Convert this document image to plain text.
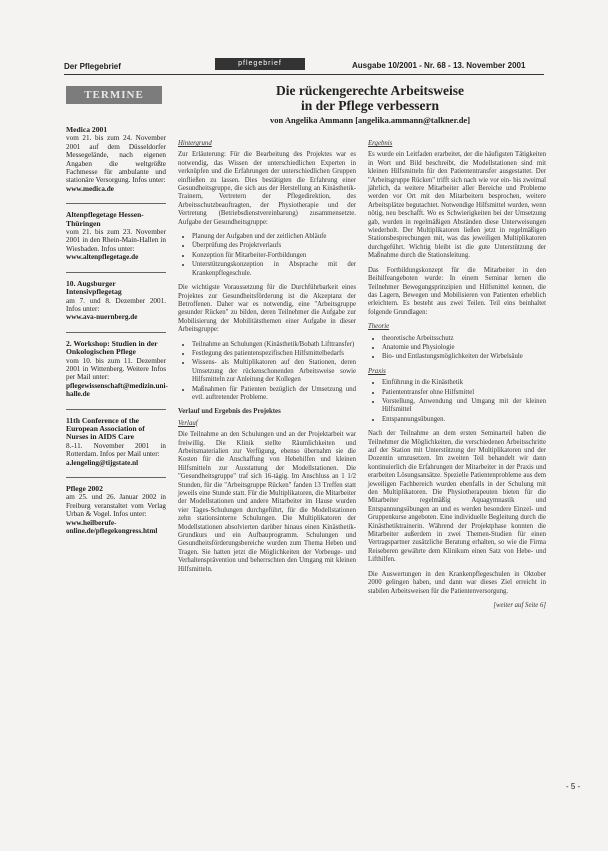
Der Pflegebrief	pflegebrief	Ausgabe 10/2001 - Nr. 68 - 13. November 2001
TERMINE
Medica 2001
vom 21. bis zum 24. November 2001 auf dem Düsseldorfer Messegelände, nach eigenen Angaben die weltgrößte Fachmesse für ambulante und stationäre Versorgung. Infos unter:
www.medica.de
Altenpflegetage Hessen-Thüringen
vom 21. bis zum 23. November 2001 in den Rhein-Main-Hallen in Wiesbaden. Infos unter:
www.altenpflegetage.de
10. Augsburger Intensivpflegetag
am 7. und 8. Dezember 2001. Infos unter:
www.ava-nuernberg.de
2. Workshop: Studien in der Onkologischen Pflege
vom 10. bis zum 11. Dezember 2001 in Wittenberg. Weitere Infos per Mail unter:
pflegewissenschaft@medizin.uni-halle.de
11th Conference of the European Association of Nurses in AIDS Care
8.-11. November 2001 in Rotterdam. Infos per Mail unter:
a.lengeling@tijgstate.nl
Pflege 2002
am 25. und 26. Januar 2002 in Freiburg veranstaltet vom Verlag Urban & Vogel. Infos unter:
www.heilberufe-online.de/pflegekongress.html
Die rückengerechte Arbeitsweise
in der Pflege verbessern
von Angelika Ammann [angelika.ammann@talkner.de]
Hintergrund
Zur Erläuterung: Für die Bearbeitung des Projektes war es notwendig, das Wissen der unterschiedlichen Experten in verknüpfen und die Erfahrungen der unterschiedlichen Gruppen einfließen zu lassen. Dies bestätigten die Erfahrung einer Gesundheitsgruppe, die sich aus der Herstellung an Kinästhetik-Trainern, Vertretern der Pflegedirektion, des Arbeitsschutzbeauftragten, der Physiotherapie und der Vertretung (Betriebsdienstvereinbarung) zusammensetzte. Aufgabe der Gesundheitsgruppe:
• Planung der Aufgaben und der zeitlichen Abläufe
• Überprüfung des Projektverlaufs
• Konzeption für Mitarbeiter-Fortbildungen
• Unterstützungskonzeption in Absprache mit der Krankenpflegeschule.
Die wichtigste Voraussetzung für die Durchführbarkeit eines Projektes zur Gesundheitsförderung ist die Akzeptanz der Betroffenen. Daher war es notwendig, eine "Arbeitsgruppe gesunder Rücken" zu bilden, deren Teilnehmer die Aufgabe zur Mobilisierung der Mobilitätsthemen einer Aufgabe in dieser Arbeitsgruppe:
• Teilnahme an Schulungen (Kinästhetik/Bobath Lifttransfer)
• Festlegung des patientenspezifischen Hilfsmittelbedarfs
• Wissens- als Multiplikatoren auf den Stationen, deren Umsetzung der rückenschonenden Arbeitsweise sowie Hilfsmitteln zur Anleitung der Kollegen
• Maßnahmen für Patienten bezüglich der Umsetzung und evtl. auftretender Probleme.
Verlauf und Ergebnis des Projektes
Verlauf
Die Teilnahme an den Schulungen und an der Projektarbeit war freiwillig. Die Klinik stellte Räumlichkeiten und Arbeitsmaterialien zur Verfügung, ebenso übernahm sie die Kosten für die Anschaffung von Hebehilfen und kleinen Hilfsmitteln zur Ausstattung der Modellstationen. Die "Gesundheitsgruppe" traf sich 16-tägig. Im Anschluss an 1 1/2 Stunden, für die "Arbeitsgruppe Rücken" fanden 13 Treffen statt jeweils eine Stunde statt. Für die Multiplikatoren, die Mitarbeiter der Modellstationen und andere Mitarbeiter im Hause wurden vier Tages-Schulungen durchgeführt, für die Modellstationen zehn stationsinterne Schulungen. Die Multiplikatoren der Modellstationen absolvierten darüber hinaus einen Kinästhetik-Grundkurs und ein Aufbauprogramm. Schulungen und Gesundheitsförderungsbereiche wurden zum Thema Heben und Tragen. Sie hatten jetzt die Möglichkeiten der Vorbeuge- und Verhaltensprävention und beherrschten den Umgang mit kleinen Hilfsmitteln.
Ergebnis
Es wurde ein Leitfaden erarbeitet, der die häufigsten Tätigkeiten in Wort und Bild beschreibt, die Modellstationen sind mit kleinen Hilfsmitteln für den Patiententransfer ausgestattet. Der "Arbeitsgruppe Rücken" trifft sich nach wie vor ein- bis zweimal jährlich, da weitere Mitarbeiter aller Bereiche und Probleme werden vor Ort mit den Mitarbeitern besprochen, weitere Arbeitsplätze begutachtet. Notwendige Hilfsmittel wurden, wenn nötig, neu beschafft. Wo es Schwierigkeiten bei der Umsetzung gab, wurden in regelmäßigen Abständen diese Unterweisungen wiederholt. Der Multiplikatoren ließen jetzt in regelmäßigen Stationsbesprechungen mit, was das jeweiligen Multiplikatoren durchgeführt. Wichtig bleibt ist die gute Unterstützung der Maßnahme durch die Stationsleitung.
Das Fortbildungskonzept für die Mitarbeiter in den Beihilfeangeboten wurde: In einem Seminar lernen die Teilnehmer Bewegungsprinzipien und Hilfsmittel kennen, die das Lagern, Bewegen und Mobilisieren von Patienten erheblich erleichtern. Es besteht aus zwei Teilen. Teil eins beinhaltet folgende Grundlagen:
Theorie
• theoretische Arbeitsschutz
• Anatomie und Physiologie
• Bio- und Entlastungsmöglichkeiten der Wirbelsäule
Praxis
• Einführung in die Kinästhetik
• Patiententransfer ohne Hilfsmittel
• Vorstellung, Anwendung und Umgang mit der kleinen Hilfsmittel
• Entspannungsübungen.
Nach der Teilnahme an dem ersten Seminarteil haben die Teilnehmer die Möglichkeiten, die verschiedenen Arbeitsschritte auf der Station mit Unterstützung der Multiplikatoren und der Dozentin umzusetzen. Im zweiten Teil behandelt wir dann kontinuierlich die Erfahrungen der Mitarbeiter in der Praxis und erarbeiten Lösungsansätze. Spezielle Patientenprobleme aus dem jeweiligen Fachbereich wurden ebenfalls in der Schulung mit den Multiplikatoren. Die Physiotherapeuten bieten für die Mitarbeiter regelmäßig Aquagymnastik und Entspannungsübungen an und es werden besondere Einzel- und Gruppenkurse angeboten. Eine individuelle Begleitung durch die Kinästhetiktrainerin. Während der Projektphase konnten die Mitarbeiter außerdem in zwei Themen-Studien für einen Vertragspartner zusätzliche Beratung erhalten, so wie die Firma Reiseberen gewährte dem Klinikum einen Satz von Hebe- und Lifthilfen.
Die Auswertungen in den Krankenpflegeschulen in Oktober 2000 gelingen haben, und dann war dieses Ziel erreicht in stabilen Arbeitsweisen für die Patientenversorgung.
[weiter auf Seite 6]
- 5 -
